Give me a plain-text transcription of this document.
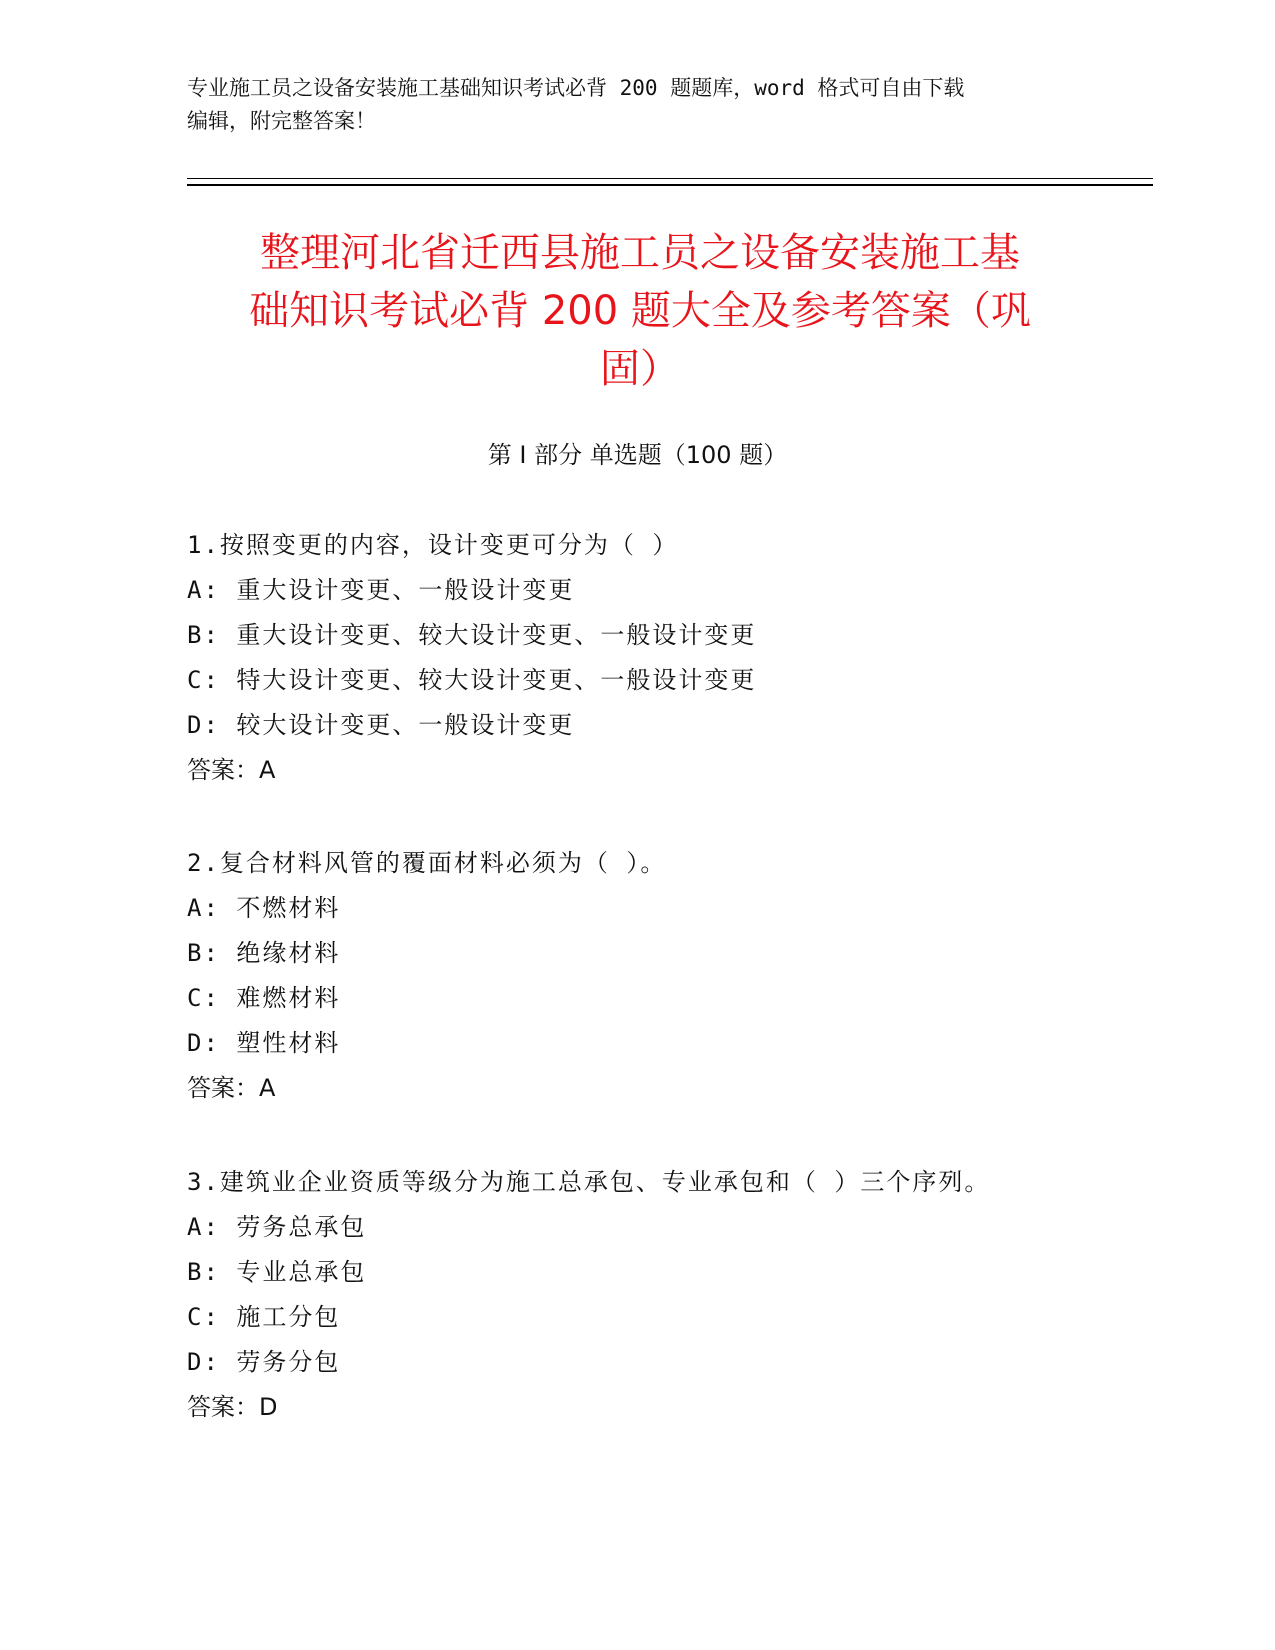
专业施工员之设备安装施工基础知识考试必背 200 题题库，word 格式可自由下载
编辑，附完整答案！
整理河北省迁西县施工员之设备安装施工基
础知识考试必背 200 题大全及参考答案（巩
固）
第 I 部分 单选题（100 题）

1.按照变更的内容，设计变更可分为（ ）

A: 重大设计变更、一般设计变更

B: 重大设计变更、较大设计变更、一般设计变更

C: 特大设计变更、较大设计变更、一般设计变更

D: 较大设计变更、一般设计变更

答案：A

2.复合材料风管的覆面材料必须为（ ）。

A: 不燃材料

B: 绝缘材料

C: 难燃材料

D: 塑性材料

答案：A

3.建筑业企业资质等级分为施工总承包、专业承包和（ ）三个序列。

A: 劳务总承包

B: 专业总承包

C: 施工分包

D: 劳务分包

答案：D
